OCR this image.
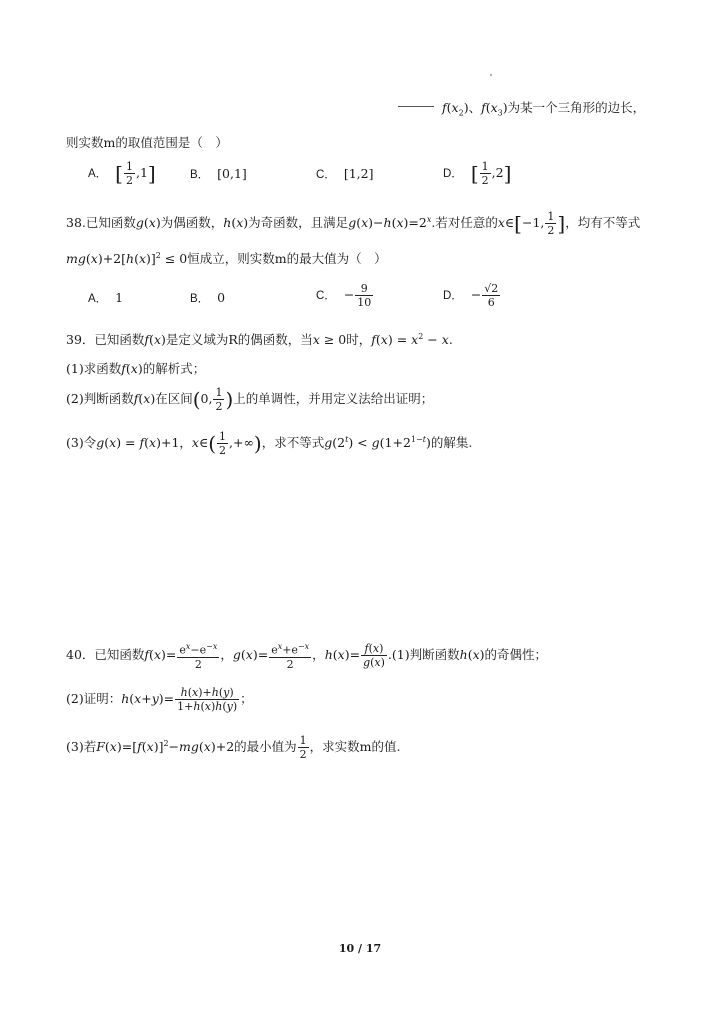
$f(x_2)$、$f(x_3)$为某一个三角形的边长，
则实数m的取值范围是（　）
A． [ $\frac{1}{2} ,1$]	B． [0,1]	C． [1,2]	D． [ $\frac{1}{2} ,2$]
38.已知函数g(x)为偶函数，h(x)为奇函数，且满足$g(x)-h(x)=2^x$.若对任意的x∈[−1, $\frac{1}{2}$ ]，均有不等式
$mg(x)+2[h(x)]^2 \le 0$恒成立，则实数m的最大值为（　）
A． 1	B． 0	C． − $\frac{9}{10}$	D． − $\frac{√2}{6}$
39．已知函数f(x)是定义域为R的偶函数，当x ≥ 0时，$f(x) = x^2 - x$.
(1)求函数f(x)的解析式；
(2)判断函数f(x)在区间(0, $\frac{1}{2}$ )上的单调性，并用定义法给出证明；
(3)令g(x) = f(x)+1，x∈( $\frac{1}{2}$ ,+∞)，求不等式$g(2^t) < g(1+2^{1-t})$的解集.
40．已知函数$f(x)= \frac{e^x-e^{-x}}{2}$ ，$g(x)= \frac{e^x+e^{-x}}{2}$ ，$h(x)= \frac{f(x)}{g(x)} .(1)$判断函数h(x)的奇偶性；
(2)证明：$h(x+y)= \frac{h(x)+h(y)}{1+h(x)h(y)}$ ；
(3)若$F(x)=[f(x)]^2-mg(x)+2$的最小值为 $\frac{1}{2}$ ，求实数m的值.
10 / 17
